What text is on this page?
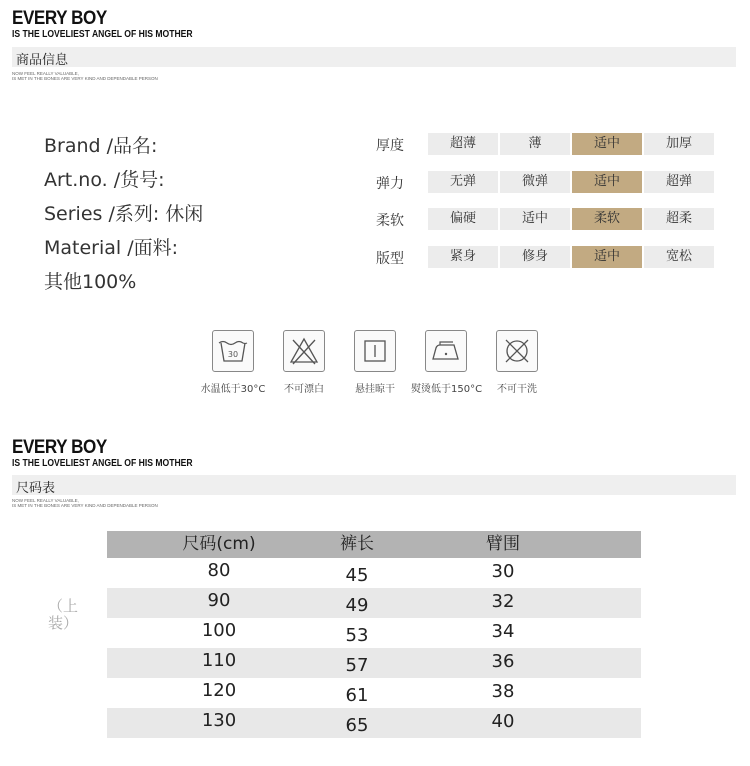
EVERY BOY
IS THE LOVELIEST ANGEL OF HIS MOTHER
商品信息
NOW FEEL REALLY VALUABLE,
IS MET IN THE BONES ARE VERY KIND AND DEPENDABLE PERSON
Brand /品名:
Art.no. /货号:
Series /系列: 休闲
Material /面料:
其他100%
厚度	超薄	薄	适中	加厚
弹力	无弹	微弹	适中	超弹
柔软	偏硬	适中	柔软	超柔
版型	紧身	修身	适中	宽松
30
水温低于30°C	不可漂白	悬挂晾干	熨烫低于150°C	不可干洗
EVERY BOY
IS THE LOVELIEST ANGEL OF HIS MOTHER
尺码表
NOW FEEL REALLY VALUABLE,
IS MET IN THE BONES ARE VERY KIND AND DEPENDABLE PERSON
（上装）
尺码(cm)	裤长	臂围
80	45	30
90	49	32
100	53	34
110	57	36
120	61	38
130	65	40
